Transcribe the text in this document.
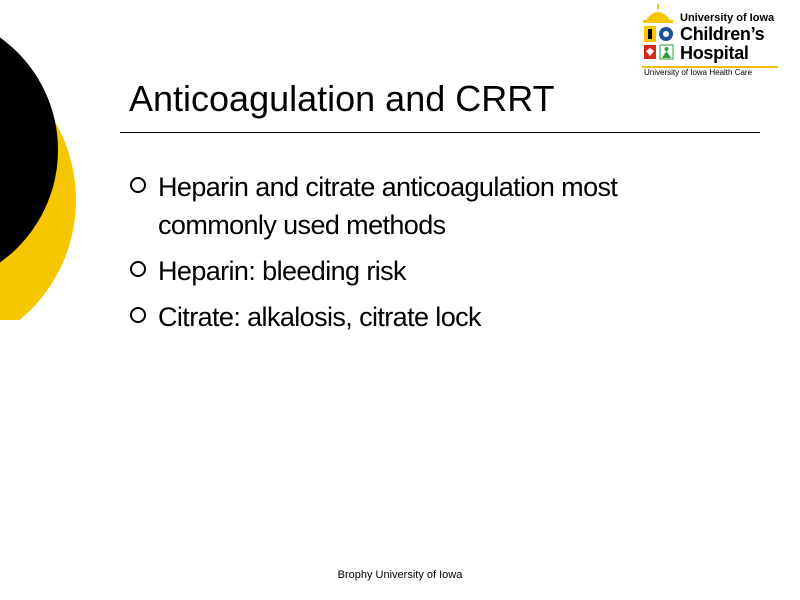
University of Iowa
Children’s
Hospital
University of Iowa Health Care
Anticoagulation and CRRT
Heparin and citrate anticoagulation most commonly used methods
Heparin: bleeding risk
Citrate: alkalosis, citrate lock
Brophy University of Iowa
